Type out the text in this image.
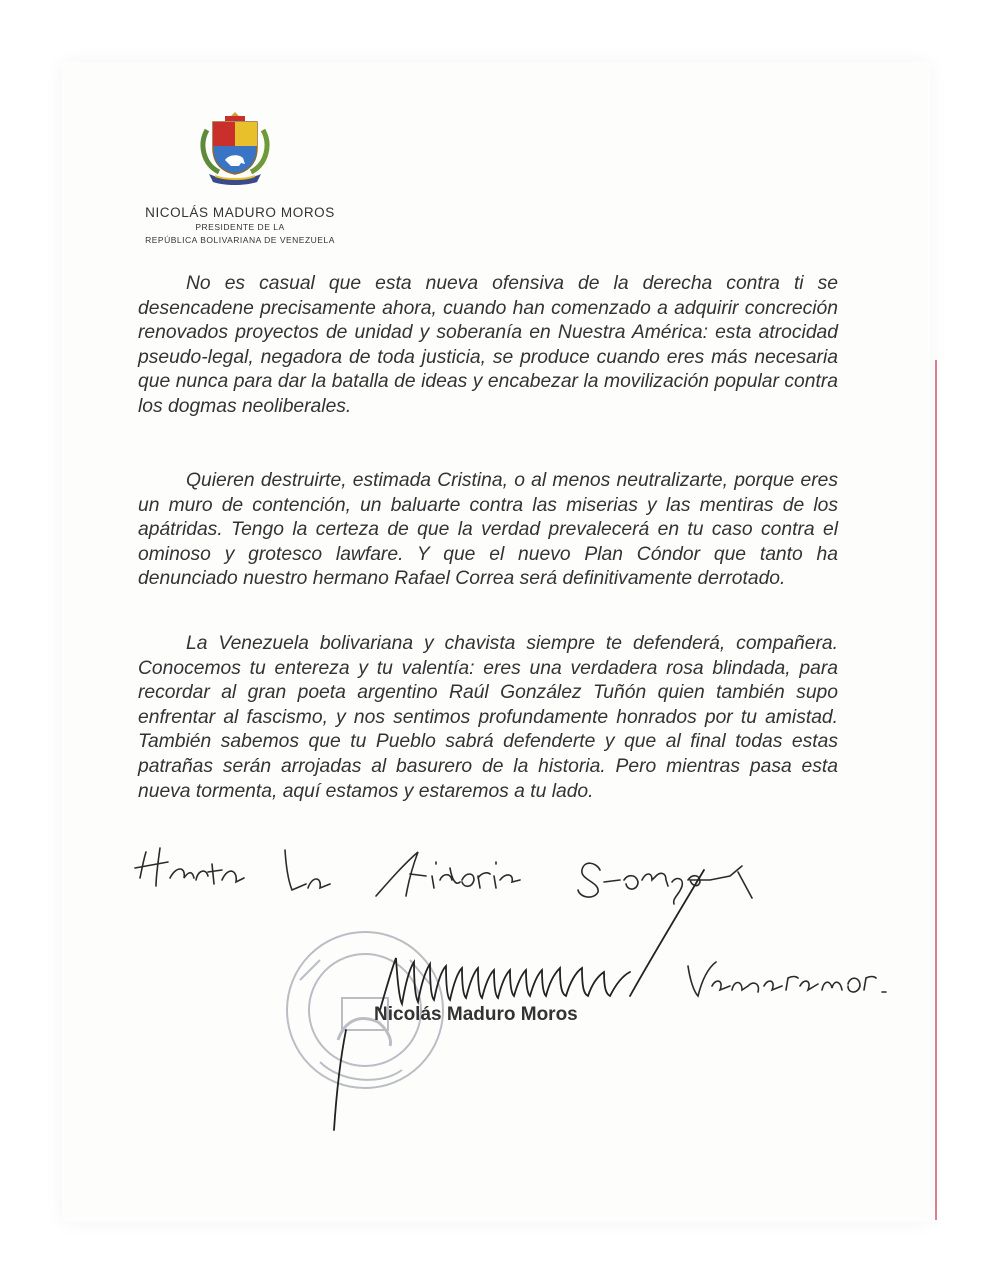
NICOLÁS MADURO MOROS
PRESIDENTE DE LA
REPÚBLICA BOLIVARIANA DE VENEZUELA

No es casual que esta nueva ofensiva de la derecha contra ti se desencadene precisamente ahora, cuando han comenzado a adquirir concreción renovados proyectos de unidad y soberanía en Nuestra América: esta atrocidad pseudo-legal, negadora de toda justicia, se produce cuando eres más necesaria que nunca para dar la batalla de ideas y encabezar la movilización popular contra los dogmas neoliberales.

Quieren destruirte, estimada Cristina, o al menos neutralizarte, porque eres un muro de contención, un baluarte contra las miserias y las mentiras de los apátridas. Tengo la certeza de que la verdad prevalecerá en tu caso contra el ominoso y grotesco lawfare. Y que el nuevo Plan Cóndor que tanto ha denunciado nuestro hermano Rafael Correa será definitivamente derrotado.

La Venezuela bolivariana y chavista siempre te defenderá, compañera. Conocemos tu entereza y tu valentía: eres una verdadera rosa blindada, para recordar al gran poeta argentino Raúl González Tuñón quien también supo enfrentar al fascismo, y nos sentimos profundamente honrados por tu amistad. También sabemos que tu Pueblo sabrá defenderte y que al final todas estas patrañas serán arrojadas al basurero de la historia. Pero mientras pasa esta nueva tormenta, aquí estamos y estaremos a tu lado.

Nicolás Maduro Moros
